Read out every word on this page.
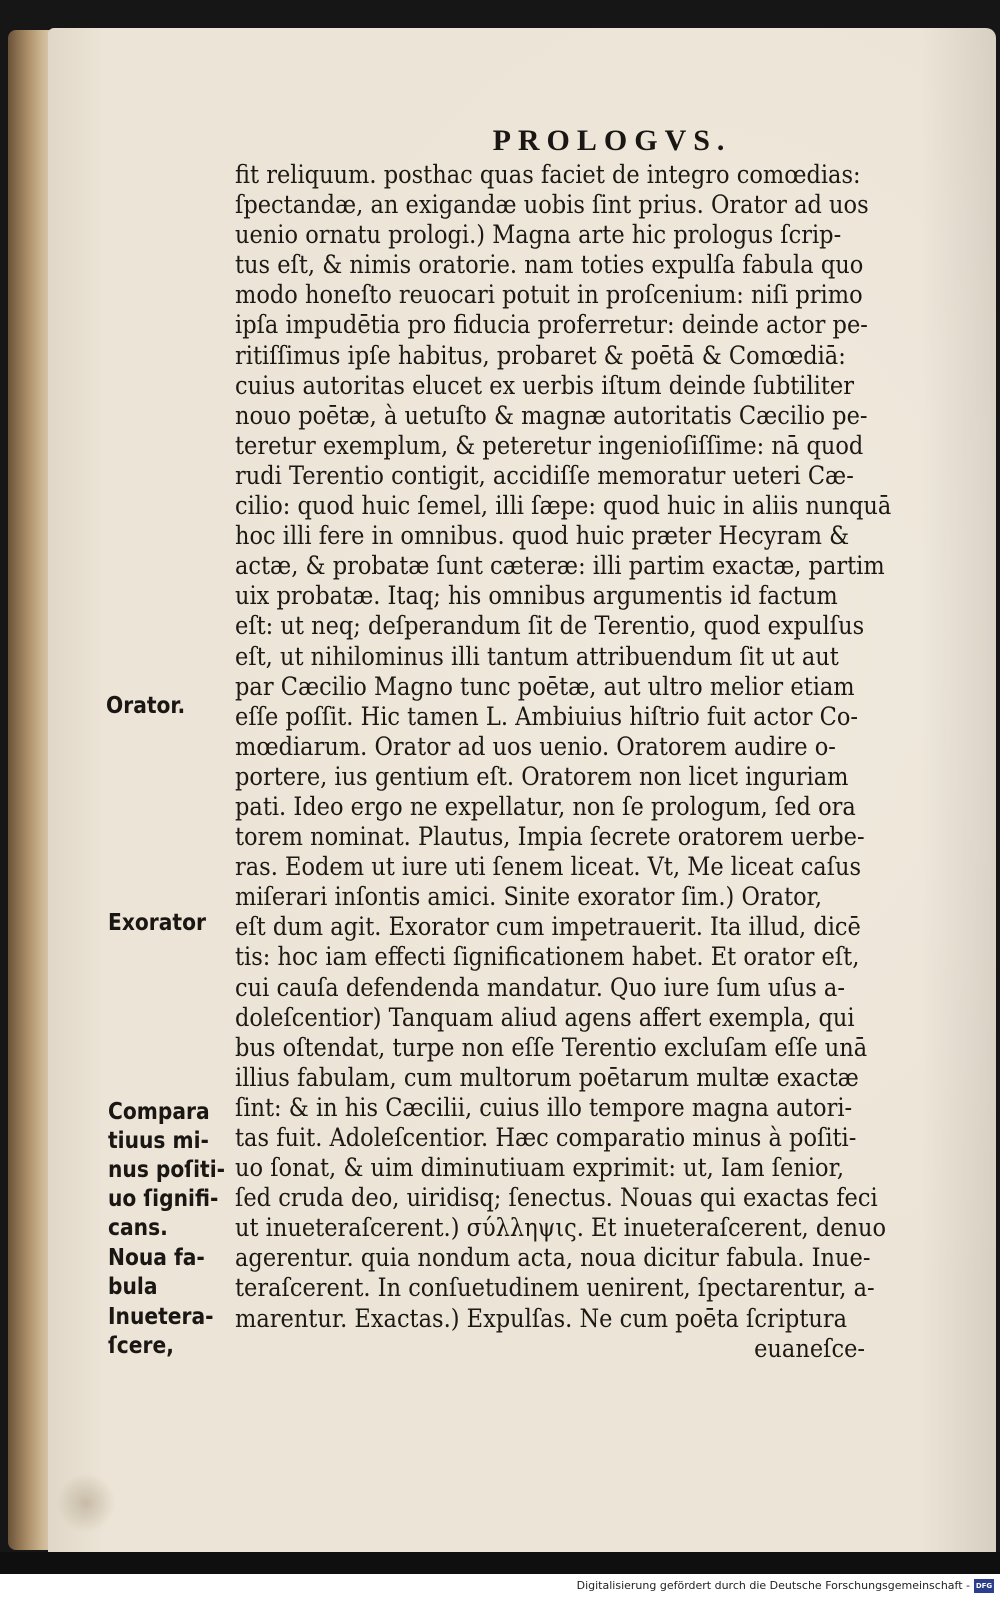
PROLOGVS.
fit reliquum. posthac quas faciet de integro comœdias:
ſpectandæ, an exigandæ uobis ſint prius. Orator ad uos
uenio ornatu prologi.) Magna arte hic prologus ſcrip-
tus eſt, & nimis oratorie. nam toties expulſa fabula quo
modo honeſto reuocari potuit in proſcenium: niſi primo
ipſa impudētia pro fiducia proferretur: deinde actor pe-
ritiſſimus ipſe habitus, probaret & poētā & Comœdiā:
cuius autoritas elucet ex uerbis iſtum deinde ſubtiliter
nouo poētæ, à uetuſto & magnæ autoritatis Cæcilio pe-
teretur exemplum, & peteretur ingenioſiſſime: nā quod
rudi Terentio contigit, accidiſſe memoratur ueteri Cæ-
cilio: quod huic ſemel, illi ſæpe: quod huic in aliis nunquā
hoc illi fere in omnibus. quod huic præter Hecyram &
actæ, & probatæ ſunt cæteræ: illi partim exactæ, partim
uix probatæ. Itaq; his omnibus argumentis id factum
eſt: ut neq; deſperandum ſit de Terentio, quod expulſus
eſt, ut nihilominus illi tantum attribuendum ſit ut aut
par Cæcilio Magno tunc poētæ, aut ultro melior etiam
eſſe poſſit. Hic tamen L. Ambiuius hiſtrio fuit actor Co-
mœdiarum. Orator ad uos uenio. Oratorem audire o-
portere, ius gentium eſt. Oratorem non licet inguriam
pati. Ideo ergo ne expellatur, non ſe prologum, ſed ora
torem nominat. Plautus, Impia ſecrete oratorem uerbe-
ras. Eodem ut iure uti ſenem liceat. Vt, Me liceat caſus
miſerari inſontis amici. Sinite exorator ſim.) Orator,
eſt dum agit. Exorator cum impetrauerit. Ita illud, dicē
tis: hoc iam effecti ſignificationem habet. Et orator eſt,
cui cauſa defendenda mandatur. Quo iure ſum uſus a-
doleſcentior) Tanquam aliud agens affert exempla, qui
bus oſtendat, turpe non eſſe Terentio excluſam eſſe unā
illius fabulam, cum multorum poētarum multæ exactæ
ſint: & in his Cæcilii, cuius illo tempore magna autori-
tas fuit. Adoleſcentior. Hæc comparatio minus à poſiti-
uo ſonat, & uim diminutiuam exprimit: ut, Iam ſenior,
ſed cruda deo, uiridisq; ſenectus. Nouas qui exactas feci
ut inueteraſcerent.) σύλληψις. Et inueteraſcerent, denuo
agerentur. quia nondum acta, noua dicitur fabula. Inue-
teraſcerent. In conſuetudinem uenirent, ſpectarentur, a-
marentur. Exactas.) Expulſas. Ne cum poēta ſcriptura
euaneſce-
Orator.
Exorator
Compara
tiuus mi-
nus poſiti-
uo ſignifi-
cans.
Noua fa-
bula
Inuetera-
ſcere,
Digitalisierung gefördert durch die Deutsche Forschungsgemeinschaft - DFG
